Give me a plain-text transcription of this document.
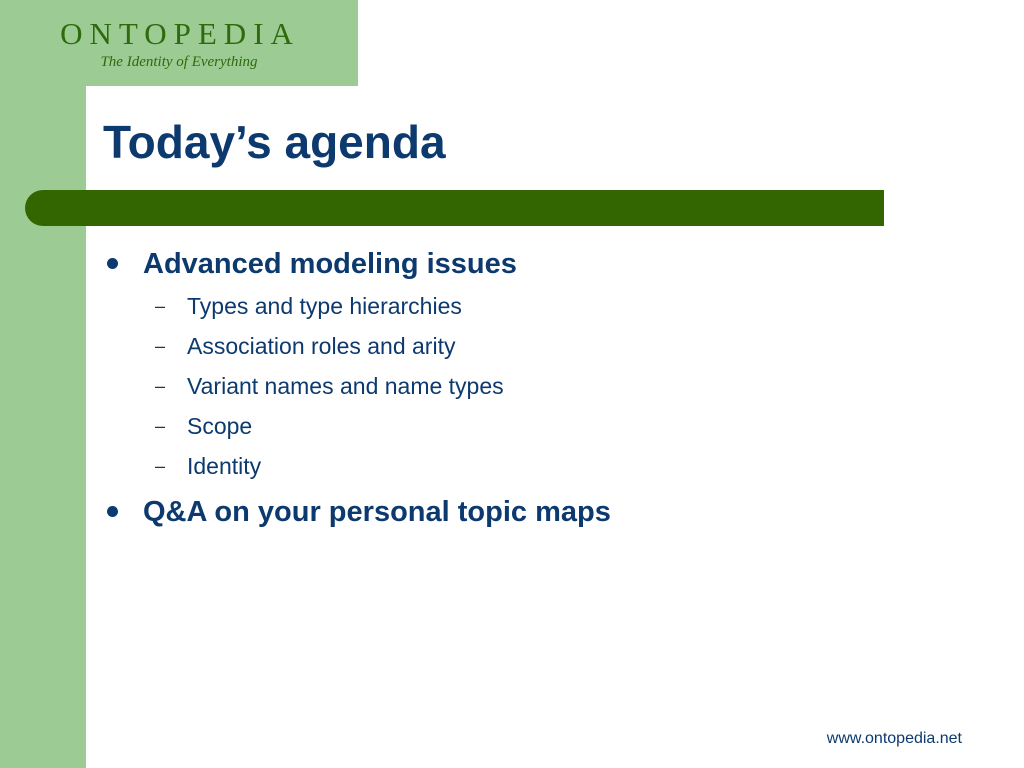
ONTOPEDIA
The Identity of Everything
Today’s agenda
Advanced modeling issues
– Types and type hierarchies
– Association roles and arity
– Variant names and name types
– Scope
– Identity
Q&A on your personal topic maps
www.ontopedia.net
